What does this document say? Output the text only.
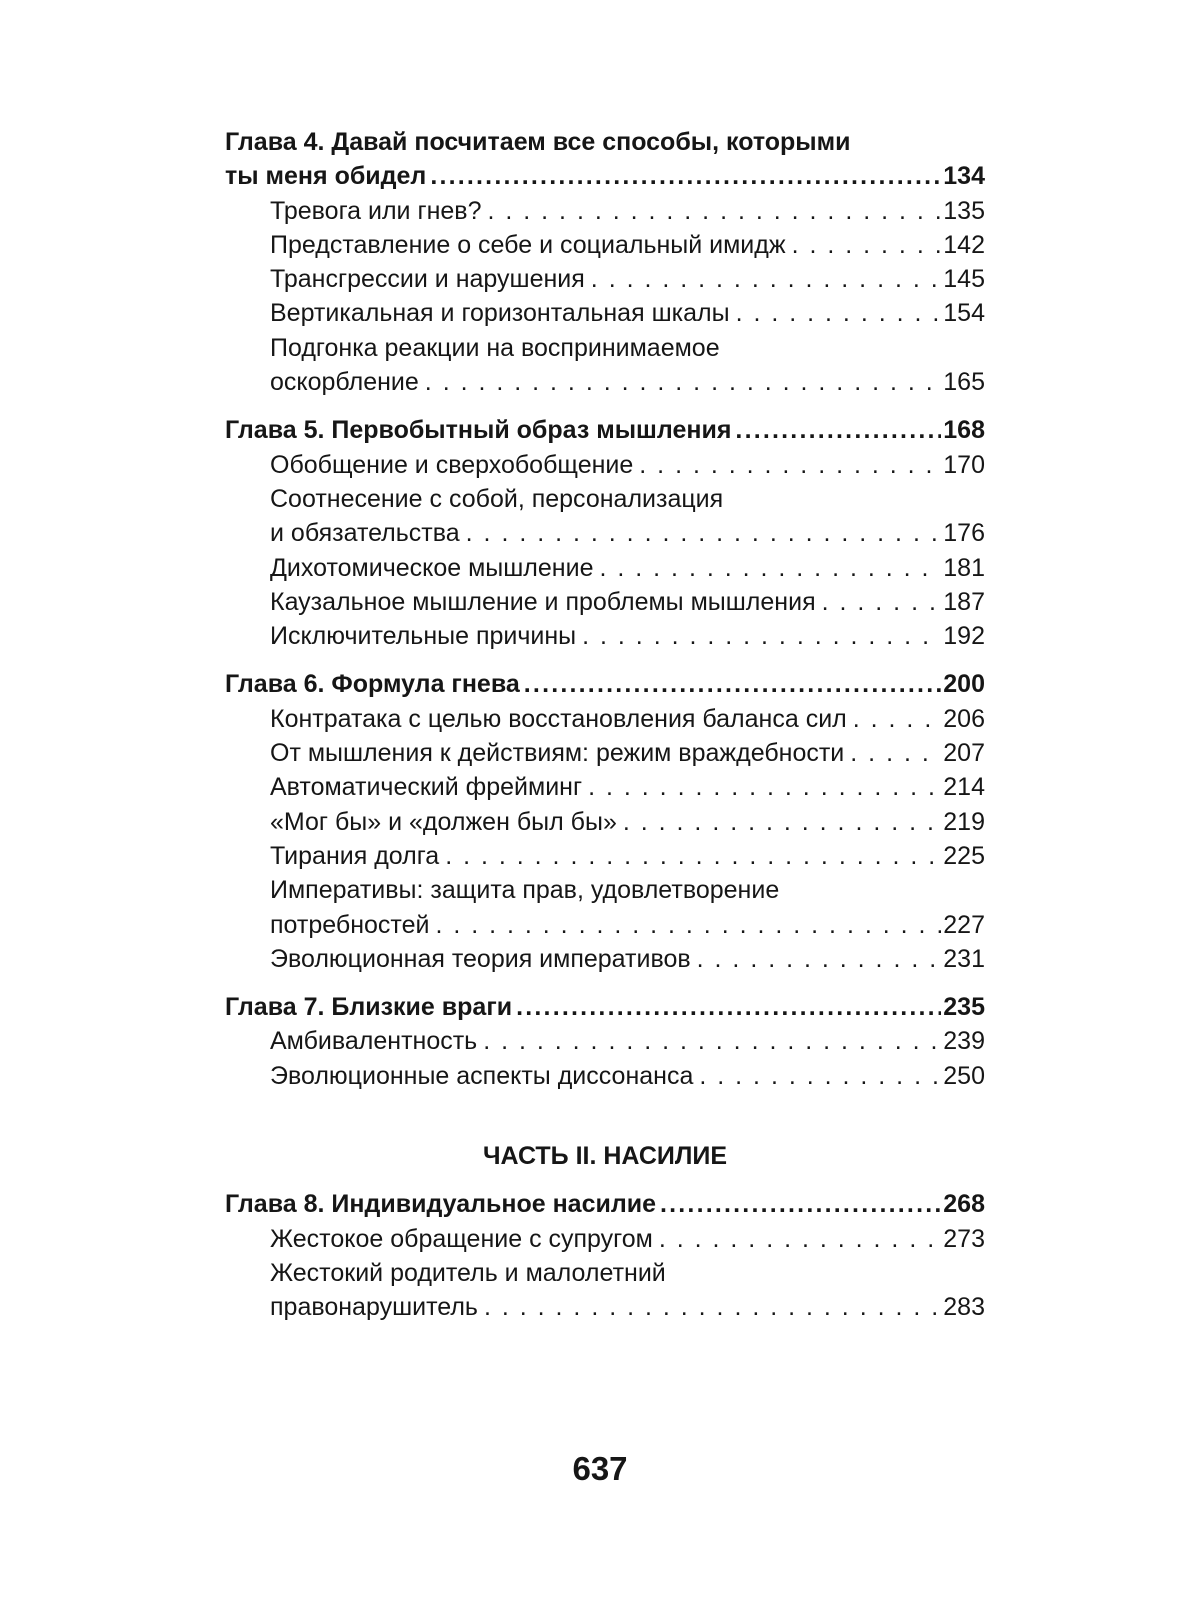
Глава 4. Давай посчитаем все способы, которыми
ты меня обидел .....	134
Тревога или гнев? . . .	135
Представление о себе и социальный имидж . . .	142
Трансгрессии и нарушения . . .	145
Вертикальная и горизонтальная шкалы . . .	154
Подгонка реакции на воспринимаемое
оскорбление . . .	165
Глава 5. Первобытный образ мышления .....	168
Обобщение и сверхобобщение . . .	170
Соотнесение с собой, персонализация
и обязательства . . .	176
Дихотомическое мышление . . .	181
Каузальное мышление и проблемы мышления . . .	187
Исключительные причины . . .	192
Глава 6. Формула гнева .....	200
Контратака с целью восстановления баланса сил . . .	206
От мышления к действиям: режим враждебности . . .	207
Автоматический фрейминг . . .	214
«Мог бы» и «должен был бы» . . .	219
Тирания долга . . .	225
Императивы: защита прав, удовлетворение
потребностей . . .	227
Эволюционная теория императивов . . .	231
Глава 7. Близкие враги .....	235
Амбивалентность . . .	239
Эволюционные аспекты диссонанса . . .	250
ЧАСТЬ II. НАСИЛИЕ
Глава 8. Индивидуальное насилие .....	268
Жестокое обращение с супругом . . .	273
Жестокий родитель и малолетний
правонарушитель . . .	283
637
